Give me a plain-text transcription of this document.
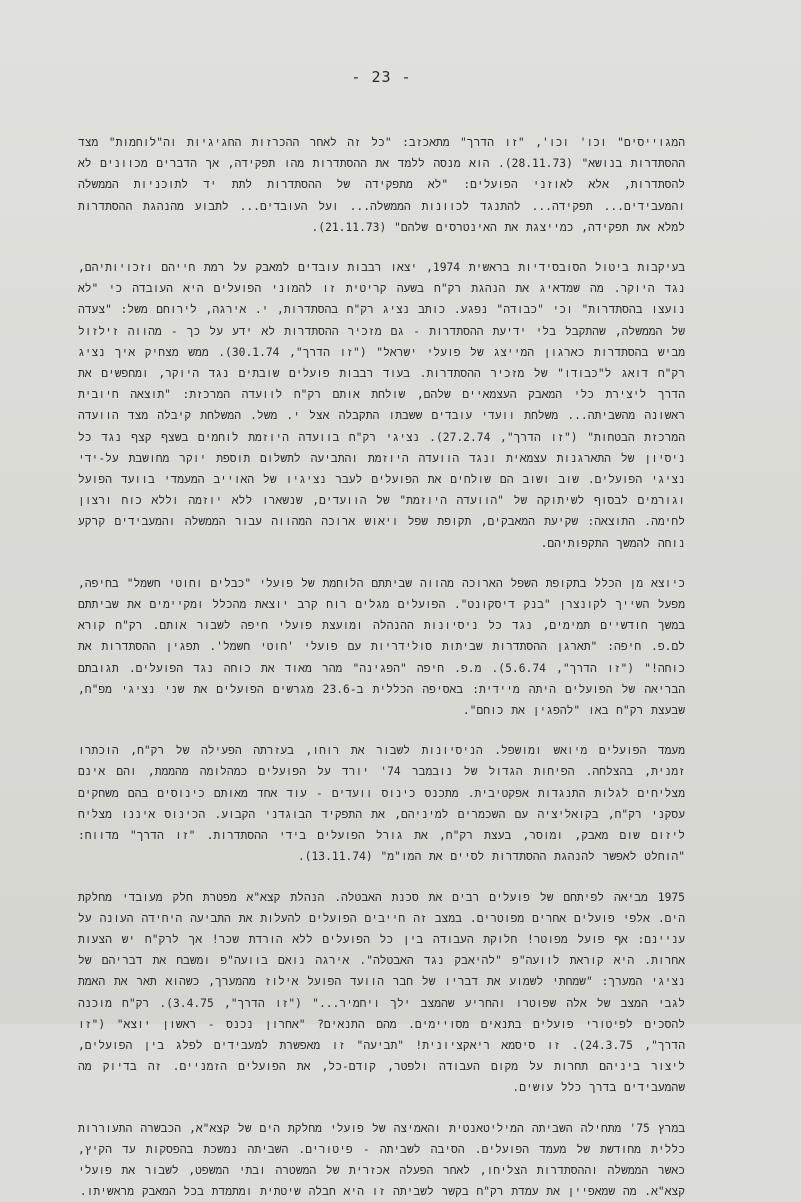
- 23 -

המגוייסים" וכו' וכו', "זו הדרך" מתאכזב: "כל זה לאחר ההכרזות החגיגיות וה"לוחמות" מצד ההסתדרות בנושא" (28.11.73). הוא מנסה ללמד את ההסתדרות מהו תפקידה, אך הדברים מכוונים לא להסתדרות, אלא לאוזני הפועלים: "לא מתפקידה של ההסתדרות לתת יד לתוכניות הממשלה והמעבידים... תפקידה... להתנגד לכוונות הממשלה... ועל העובדים... לתבוע מהנהגת ההסתדרות למלא את תפקידה, כמייצגת את האינטרסים שלהם" (21.11.73).

בעיקבות ביטול הסובסידיות בראשית 1974, יצאו רבבות עובדים למאבק על רמת חייהם וזכויותיהם, נגד היוקר. מה שמדאיג את הנהגת רק"ח בשעה קריטית זו להמוני הפועלים היא העובדה כי "לא נועצו בהסתדרות" וכי "כבודה" נפגע. כותב נציג רק"ח בהסתדרות, י. אירגה, לירוחם משל: "צעדה של הממשלה, שהתקבל בלי ידיעת ההסתדרות - גם מזכיר ההסתדרות לא ידע על כך - מהווה זילזול מביש בהסתדרות כארגון המייצג של פועלי ישראל" ("זו הדרך", 30.1.74). ממש מצחיק איך נציג רק"ח דואג ל"כבודו" של מזכיר ההסתדרות. בעוד רבבות פועלים שובתים נגד היוקר, ומחפשים את הדרך ליצירת כלי המאבק העצמאיים שלהם, שולחת אותם רק"ח לוועדה המרכזת: "תוצאה חיובית ראשונה מהשביתה... משלחת וועדי עובדים ששבתו התקבלה אצל י. משל. המשלחת קיבלה מצד הוועדה המרכזת הבטחות" ("זו הדרך", 27.2.74). נציגי רק"ח בוועדה היוזמת לוחמים בשצף קצף נגד כל ניסיון של התארגנות עצמאית ונגד הוועדה היוזמת והתביעה לתשלום תוספת יוקר מחושבת על-ידי נציגי הפועלים. שוב ושוב הם שולחים את הפועלים לעבר נציגיו של האוייב המעמדי בוועד הפועל וגורמים לבסוף לשיתוקה של "הוועדה היוזמת" של הוועדים, שנשארו ללא יוזמה וללא כוח ורצון לחימה. התוצאה: שקיעת המאבקים, תקופת שפל ויאוש ארוכה המהווה עבור הממשלה והמעבידים קרקע נוחה להמשך התקפותיהם.

כיוצא מן הכלל בתקופת השפל הארוכה מהווה שביתתם הלוחמת של פועלי "כבלים וחוטי חשמל" בחיפה, מפעל השייך לקונצרן "בנק דיסקונט". הפועלים מגלים רוח קרב יוצאת מהכלל ומקיימים את שביתתם במשך חודשיים תמימים, נגד כל ניסיונות ההנהלה ומועצת פועלי חיפה לשבור אותם. רק"ח קורא לם.פ. חיפה: "תארגן ההסתדרות שביתות סולידריות עם פועלי 'חוטי חשמל'. תפגין ההסתדרות את כוחה!" ("זו הדרך", 5.6.74). מ.פ. חיפה "הפגינה" מהר מאוד את כוחה נגד הפועלים. תגובתם הבריאה של הפועלים היתה מיידית: באסיפה הכללית ב-23.6 מגרשים הפועלים את שני נציגי מפ"ח, שבעצת רק"ח באו "להפגין את כוחם".

מעמד הפועלים מיואש ומושפל. הניסיונות לשבור את רוחו, בעזרתה הפעילה של רק"ח, הוכתרו זמנית, בהצלחה. הפיחות הגדול של נובמבר 74' יורד על הפועלים כמהלומה מהממת, והם אינם מצליחים לגלות התנגדות אפקטיבית. מתכנס כינוס וועדים - עוד אחד מאותם כינוסים בהם משחקים עסקני רק"ח, בקואליציה עם השכמרים למיניהם, את התפקיד הבוגדני הקבוע. הכינוס איננו מצליח ליזום שום מאבק, ומוסר, בעצת רק"ח, את גורל הפועלים בידי ההסתדרות. "זו הדרך" מדווח: "הוחלט לאפשר להנהגת ההסתדרות לסיים את המו"מ" (13.11.74).

1975 מביאה לפיתחם של פועלים רבים את סכנת האבטלה. הנהלת קצא"א מפטרת חלק מעובדי מחלקת הים. אלפי פועלים אחרים מפוטרים. במצב זה חייבים הפועלים להעלות את התביעה היחידה העונה על עניינם: אף פועל מפוטר! חלוקת העבודה בין כל הפועלים ללא הורדת שכר! אך לרק"ח יש הצעות אחרות. היא קוראת לוועה"פ "להיאבק נגד האבטלה". אירגה נואם בוועה"פ ומשבח את דבריהם של נציגי המערך: "שמחתי לשמוע את דבריו של חבר הוועד הפועל אילוז מהמערך, כשהוא תאר את האמת לגבי המצב של אלה שפוטרו והחריע שהמצב ילך ויחמיר..." ("זו הדרך", 3.4.75). רק"ח מוכנה להסכים לפיטורי פועלים בתנאים מסויימים. מהם התנאים? "אחרון נכנס - ראשון יוצא" ("זו הדרך", 24.3.75). זו סיסמא ריאקציונית! "תביעה" זו מאפשרת למעבידים לפלג בין הפועלים, ליצור ביניהם תחרות על מקום העבודה ולפטר, קודם-כל, את הפועלים הזמניים. זה בדיוק מה שהמעבידים בדרך כלל עושים.

במרץ 75' מתחילה השביתה המיליטאנטית והאמיצה של פועלי מחלקת הים של קצא"א, הכבשרה התעוררות כללית מחודשת של מעמד הפועלים. הסיבה לשביתה - פיטורים. השביתה נמשכת בהפסקות עד הקיץ, כאשר הממשלה וההסתדרות הצליחו, לאחר הפעלה אכזרית של המשטרה ובתי המשפט, לשבור את פועלי קצא"א. מה שמאפיין את עמדת רק"ח בקשר לשביתה זו היא חבלה שיטתית ומתמדת בכל המאבק מראשיתו.
